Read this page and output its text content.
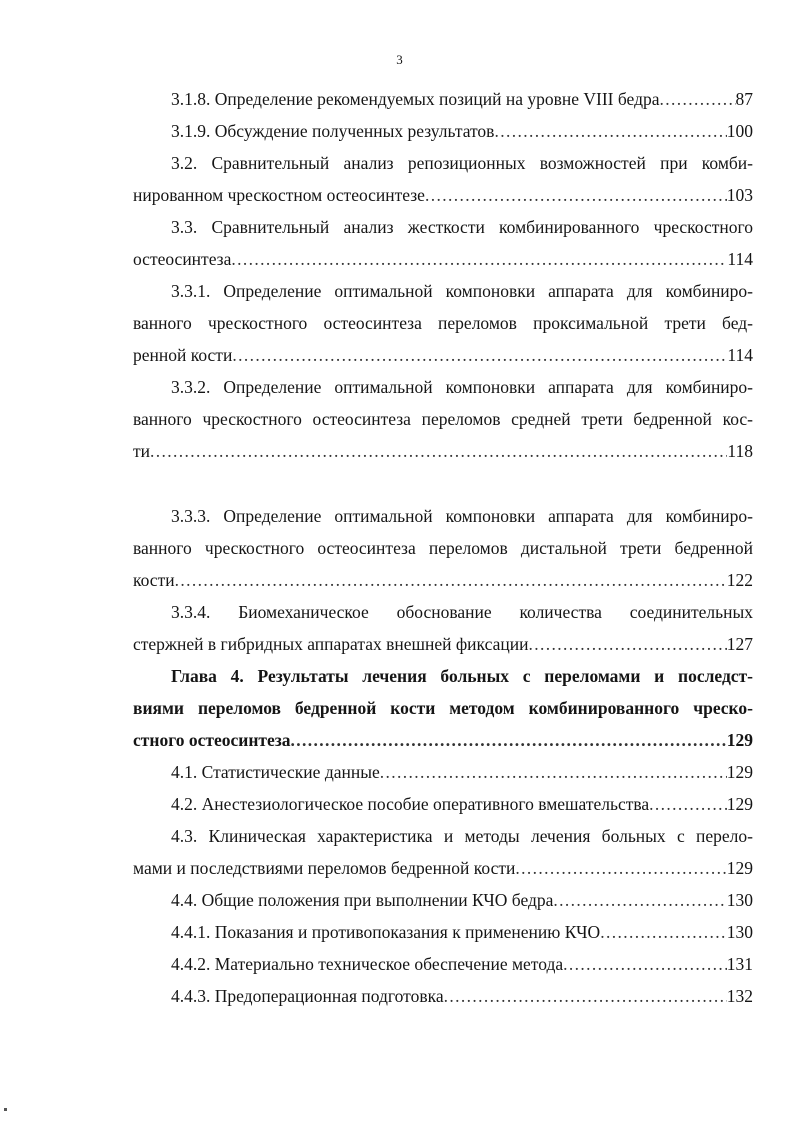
3
3.1.8. Определение рекомендуемых позиций на уровне VIII бедра . . .	87
3.1.9. Обсуждение полученных результатов . . .	100
3.2. Сравнительный анализ репозиционных возможностей при комби-
нированном чрескостном остеосинтезе . . .	103
3.3. Сравнительный анализ жесткости комбинированного чрескостного
остеосинтеза . . .	114
3.3.1. Определение оптимальной компоновки аппарата для комбиниро-
ванного чрескостного остеосинтеза переломов проксимальной трети бед-
ренной кости . . .	114
3.3.2. Определение оптимальной компоновки аппарата для комбиниро-
ванного чрескостного остеосинтеза переломов средней трети бедренной кос-
ти . . .	118
3.3.3. Определение оптимальной компоновки аппарата для комбиниро-
ванного чрескостного остеосинтеза переломов дистальной трети бедренной
кости . . .	122
3.3.4. Биомеханическое обоснование количества соединительных
стержней в гибридных аппаратах внешней фиксации . . .	127
Глава 4. Результаты лечения больных с переломами и последст-
виями переломов бедренной кости методом комбинированного чреско-
стного остеосинтеза . . .	129
4.1. Статистические данные . . .	129
4.2. Анестезиологическое пособие оперативного вмешательства . . .	129
4.3. Клиническая характеристика и методы лечения больных с перело-
мами и последствиями переломов бедренной кости . . .	129
4.4. Общие положения при выполнении КЧО бедра . . .	130
4.4.1. Показания и противопоказания к применению КЧО . . .	130
4.4.2. Материально техническое обеспечение метода . . .	131
4.4.3. Предоперационная подготовка . . .	132
